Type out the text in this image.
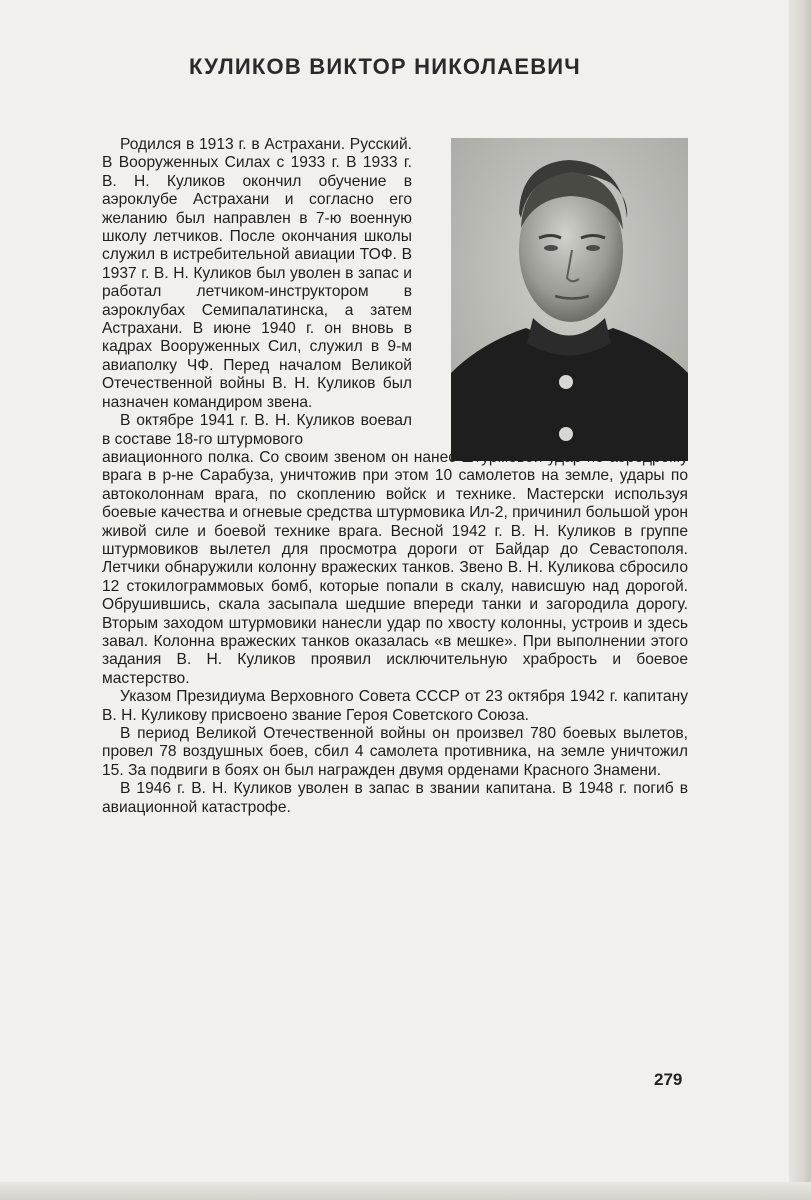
КУЛИКОВ ВИКТОР НИКОЛАЕВИЧ

Родился в 1913 г. в Астрахани. Русский. В Вооруженных Силах с 1933 г. В 1933 г. В. Н. Куликов окончил обучение в аэроклубе Астрахани и согласно его желанию был направлен в 7-ю военную школу летчиков. После окончания школы служил в истребительной авиации ТОФ. В 1937 г. В. Н. Куликов был уволен в запас и работал летчиком-инструктором в аэроклубах Семипалатинска, а затем Астрахани. В июне 1940 г. он вновь в кадрах Вооруженных Сил, служил в 9-м авиаполку ЧФ. Перед началом Великой Отечественной войны В. Н. Куликов был назначен командиром звена.

В октябре 1941 г. В. Н. Куликов воевал в составе 18-го штурмового

авиационного полка. Со своим звеном он нанес штурмовой удар по аэродрому врага в р-не Сарабуза, уничтожив при этом 10 самолетов на земле, удары по автоколоннам врага, по скоплению войск и технике. Мастерски используя боевые качества и огневые средства штурмовика Ил-2, причинил большой урон живой силе и боевой технике врага. Весной 1942 г. В. Н. Куликов в группе штурмовиков вылетел для просмотра дороги от Байдар до Севастополя. Летчики обнаружили колонну вражеских танков. Звено В. Н. Куликова сбросило 12 стокилограммовых бомб, которые попали в скалу, нависшую над дорогой. Обрушившись, скала засыпала шедшие впереди танки и загородила дорогу. Вторым заходом штурмовики нанесли удар по хвосту колонны, устроив и здесь завал. Колонна вражеских танков оказалась «в мешке». При выполнении этого задания В. Н. Куликов проявил исключительную храбрость и боевое мастерство.

Указом Президиума Верховного Совета СССР от 23 октября 1942 г. капитану В. Н. Куликову присвоено звание Героя Советского Союза.

В период Великой Отечественной войны он произвел 780 боевых вылетов, провел 78 воздушных боев, сбил 4 самолета противника, на земле уничтожил 15. За подвиги в боях он был награжден двумя орденами Красного Знамени.

В 1946 г. В. Н. Куликов уволен в запас в звании капитана. В 1948 г. погиб в авиационной катастрофе.

279
